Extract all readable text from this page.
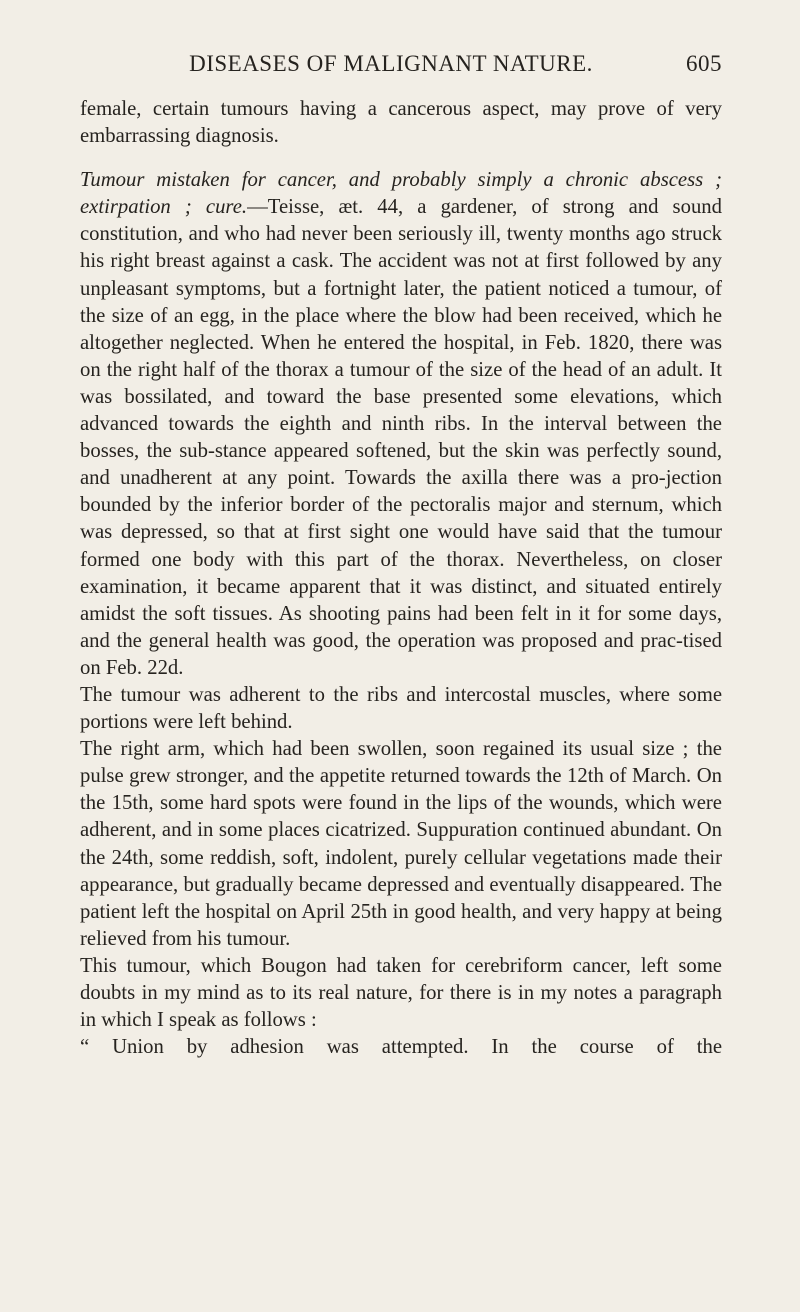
DISEASES OF MALIGNANT NATURE.	605

female, certain tumours having a cancerous aspect, may prove of very embarrassing diagnosis.

Tumour mistaken for cancer, and probably simply a chronic abscess ; extirpation ; cure.—Teisse, æt. 44, a gardener, of strong and sound constitution, and who had never been seriously ill, twenty months ago struck his right breast against a cask. The accident was not at first followed by any unpleasant symptoms, but a fortnight later, the patient noticed a tumour, of the size of an egg, in the place where the blow had been received, which he altogether neglected. When he entered the hospital, in Feb. 1820, there was on the right half of the thorax a tumour of the size of the head of an adult. It was bossilated, and toward the base presented some elevations, which advanced towards the eighth and ninth ribs. In the interval between the bosses, the sub-stance appeared softened, but the skin was perfectly sound, and unadherent at any point. Towards the axilla there was a pro-jection bounded by the inferior border of the pectoralis major and sternum, which was depressed, so that at first sight one would have said that the tumour formed one body with this part of the thorax. Nevertheless, on closer examination, it became apparent that it was distinct, and situated entirely amidst the soft tissues. As shooting pains had been felt in it for some days, and the general health was good, the operation was proposed and prac-tised on Feb. 22d.

The tumour was adherent to the ribs and intercostal muscles, where some portions were left behind.

The right arm, which had been swollen, soon regained its usual size ; the pulse grew stronger, and the appetite returned towards the 12th of March. On the 15th, some hard spots were found in the lips of the wounds, which were adherent, and in some places cicatrized. Suppuration continued abundant. On the 24th, some reddish, soft, indolent, purely cellular vegetations made their appearance, but gradually became depressed and eventually disappeared. The patient left the hospital on April 25th in good health, and very happy at being relieved from his tumour.

This tumour, which Bougon had taken for cerebriform cancer, left some doubts in my mind as to its real nature, for there is in my notes a paragraph in which I speak as follows :

“ Union by adhesion was attempted. In the course of the
